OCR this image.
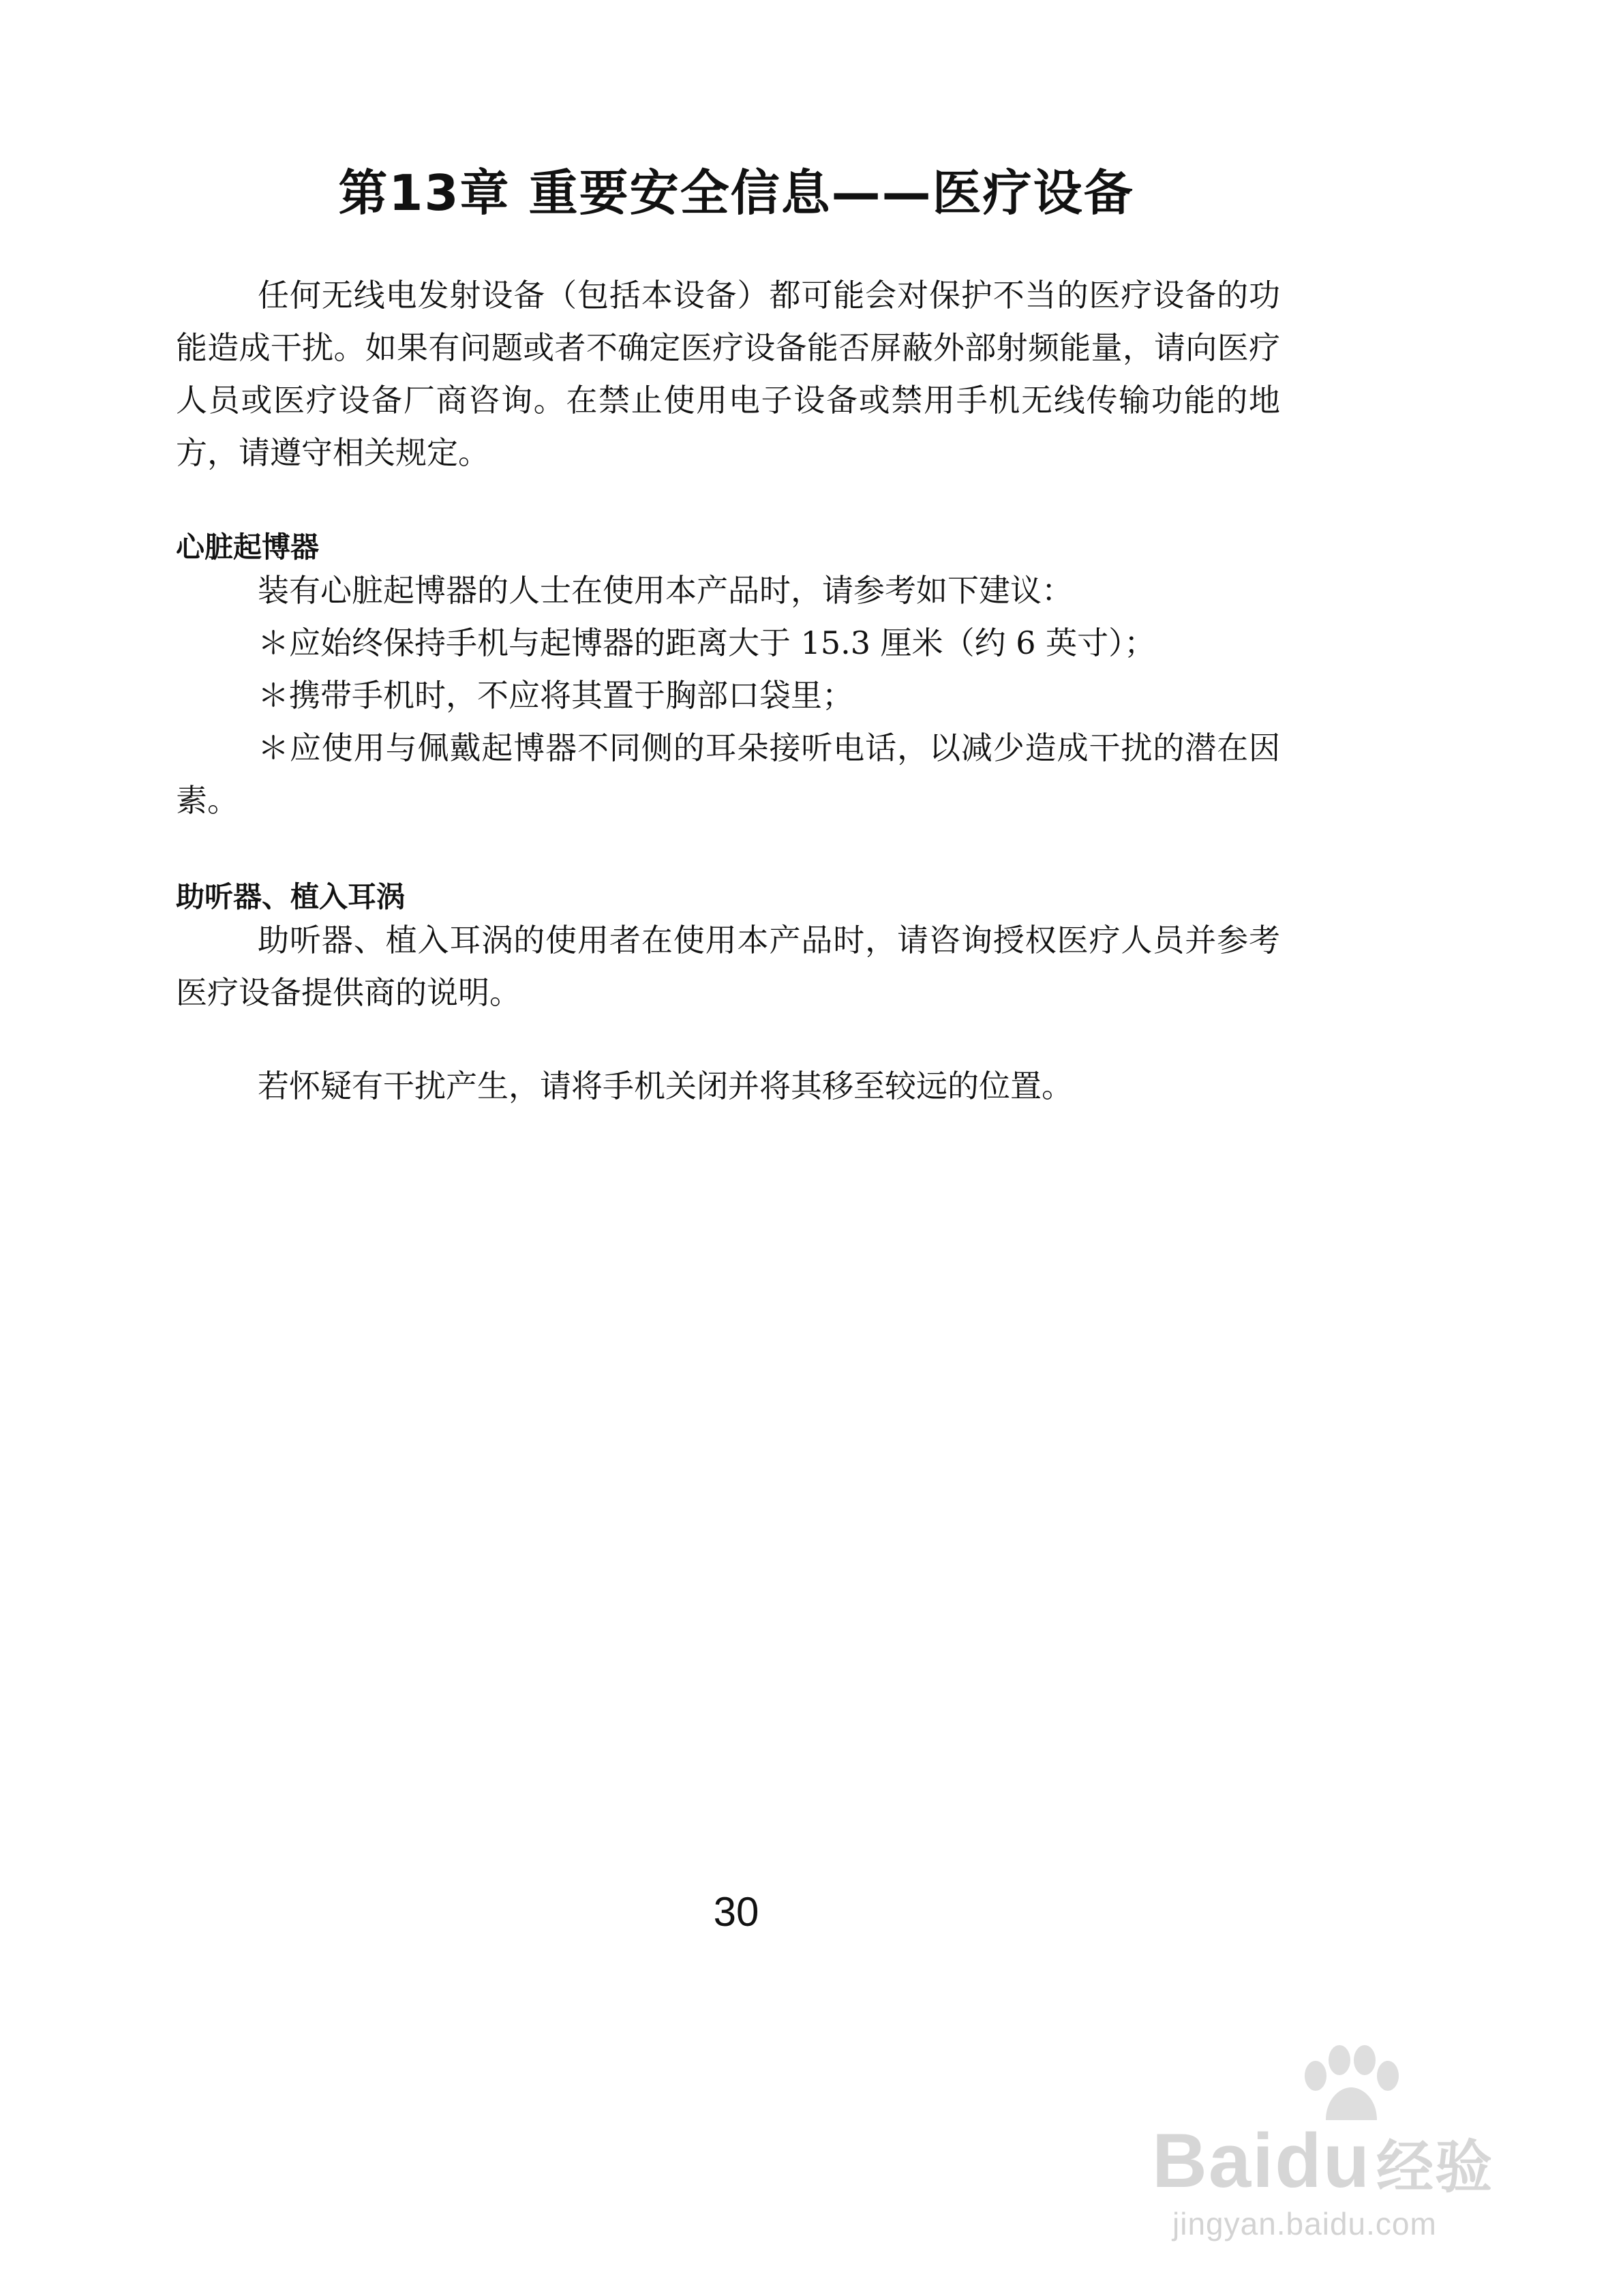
第13章 重要安全信息——医疗设备

任何无线电发射设备（包括本设备）都可能会对保护不当的医疗设备的功能造成干扰。如果有问题或者不确定医疗设备能否屏蔽外部射频能量，请向医疗人员或医疗设备厂商咨询。在禁止使用电子设备或禁用手机无线传输功能的地方，请遵守相关规定。

心脏起博器

装有心脏起博器的人士在使用本产品时，请参考如下建议：

＊应始终保持手机与起博器的距离大于 15.3 厘米（约 6 英寸）；

＊携带手机时，不应将其置于胸部口袋里；

＊应使用与佩戴起博器不同侧的耳朵接听电话，以减少造成干扰的潜在因素。

助听器、植入耳涡

助听器、植入耳涡的使用者在使用本产品时，请咨询授权医疗人员并参考医疗设备提供商的说明。

若怀疑有干扰产生，请将手机关闭并将其移至较远的位置。

30

Baidu经验
jingyan.baidu.com
